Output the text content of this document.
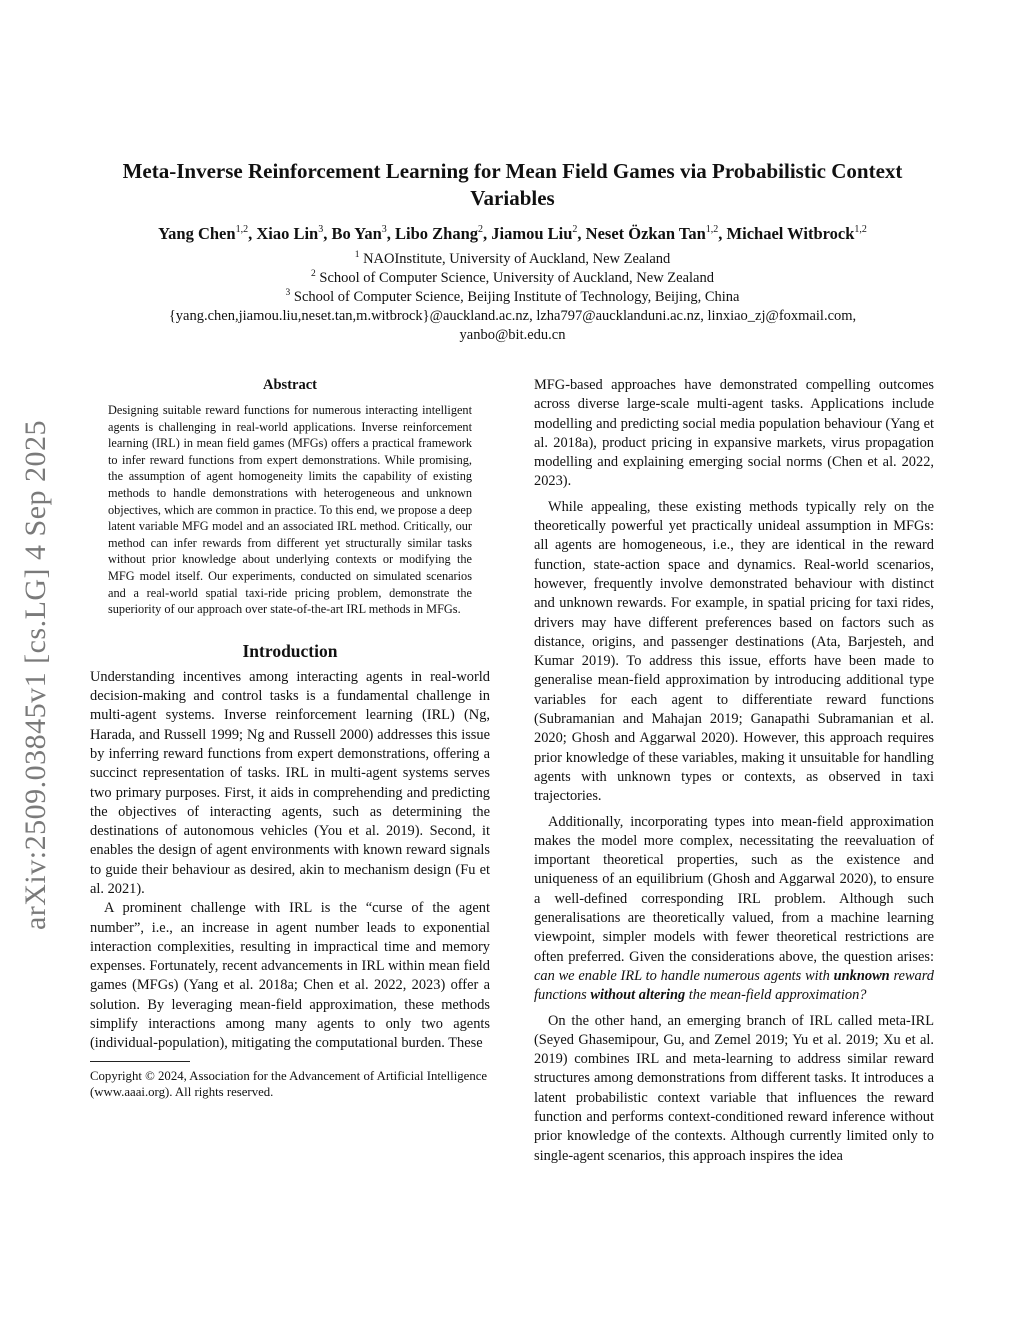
arXiv:2509.03845v1 [cs.LG] 4 Sep 2025
Meta-Inverse Reinforcement Learning for Mean Field Games via Probabilistic Context Variables
Yang Chen$^{1,2}$, Xiao Lin$^3$, Bo Yan$^3$, Libo Zhang$^2$, Jiamou Liu$^2$, Neset Özkan Tan$^{1,2}$, Michael Witbrock$^{1,2}$
$^1$ NAOInstitute, University of Auckland, New Zealand
$^2$ School of Computer Science, University of Auckland, New Zealand
$^3$ School of Computer Science, Beijing Institute of Technology, Beijing, China
{yang.chen,jiamou.liu,neset.tan,m.witbrock}@auckland.ac.nz, lzha797@aucklanduni.ac.nz, linxiao_zj@foxmail.com,
yanbo@bit.edu.cn
Abstract

Designing suitable reward functions for numerous interacting intelligent agents is challenging in real-world applications. Inverse reinforcement learning (IRL) in mean field games (MFGs) offers a practical framework to infer reward functions from expert demonstrations. While promising, the assumption of agent homogeneity limits the capability of existing methods to handle demonstrations with heterogeneous and unknown objectives, which are common in practice. To this end, we propose a deep latent variable MFG model and an associated IRL method. Critically, our method can infer rewards from different yet structurally similar tasks without prior knowledge about underlying contexts or modifying the MFG model itself. Our experiments, conducted on simulated scenarios and a real-world spatial taxi-ride pricing problem, demonstrate the superiority of our approach over state-of-the-art IRL methods in MFGs.

Introduction

Understanding incentives among interacting agents in real-world decision-making and control tasks is a fundamental challenge in multi-agent systems. Inverse reinforcement learning (IRL) (Ng, Harada, and Russell 1999; Ng and Russell 2000) addresses this issue by inferring reward functions from expert demonstrations, offering a succinct representation of tasks. IRL in multi-agent systems serves two primary purposes. First, it aids in comprehending and predicting the objectives of interacting agents, such as determining the destinations of autonomous vehicles (You et al. 2019). Second, it enables the design of agent environments with known reward signals to guide their behaviour as desired, akin to mechanism design (Fu et al. 2021).

A prominent challenge with IRL is the “curse of the agent number”, i.e., an increase in agent number leads to exponential interaction complexities, resulting in impractical time and memory expenses. Fortunately, recent advancements in IRL within mean field games (MFGs) (Yang et al. 2018a; Chen et al. 2022, 2023) offer a solution. By leveraging mean-field approximation, these methods simplify interactions among many agents to only two agents (individual-population), mitigating the computational burden. These

Copyright © 2024, Association for the Advancement of Artificial Intelligence (www.aaai.org). All rights reserved.

MFG-based approaches have demonstrated compelling outcomes across diverse large-scale multi-agent tasks. Applications include modelling and predicting social media population behaviour (Yang et al. 2018a), product pricing in expansive markets, virus propagation modelling and explaining emerging social norms (Chen et al. 2022, 2023).

While appealing, these existing methods typically rely on the theoretically powerful yet practically unideal assumption in MFGs: all agents are homogeneous, i.e., they are identical in the reward function, state-action space and dynamics. Real-world scenarios, however, frequently involve demonstrated behaviour with distinct and unknown rewards. For example, in spatial pricing for taxi rides, drivers may have different preferences based on factors such as distance, origins, and passenger destinations (Ata, Barjesteh, and Kumar 2019). To address this issue, efforts have been made to generalise mean-field approximation by introducing additional type variables for each agent to differentiate reward functions (Subramanian and Mahajan 2019; Ganapathi Subramanian et al. 2020; Ghosh and Aggarwal 2020). However, this approach requires prior knowledge of these variables, making it unsuitable for handling agents with unknown types or contexts, as observed in taxi trajectories.

Additionally, incorporating types into mean-field approximation makes the model more complex, necessitating the reevaluation of important theoretical properties, such as the existence and uniqueness of an equilibrium (Ghosh and Aggarwal 2020), to ensure a well-defined corresponding IRL problem. Although such generalisations are theoretically valued, from a machine learning viewpoint, simpler models with fewer theoretical restrictions are often preferred. Given the considerations above, the question arises: can we enable IRL to handle numerous agents with unknown reward functions without altering the mean-field approximation?

On the other hand, an emerging branch of IRL called meta-IRL (Seyed Ghasemipour, Gu, and Zemel 2019; Yu et al. 2019; Xu et al. 2019) combines IRL and meta-learning to address similar reward structures among demonstrations from different tasks. It introduces a latent probabilistic context variable that influences the reward function and performs context-conditioned reward inference without prior knowledge of the contexts. Although currently limited only to single-agent scenarios, this approach inspires the idea
